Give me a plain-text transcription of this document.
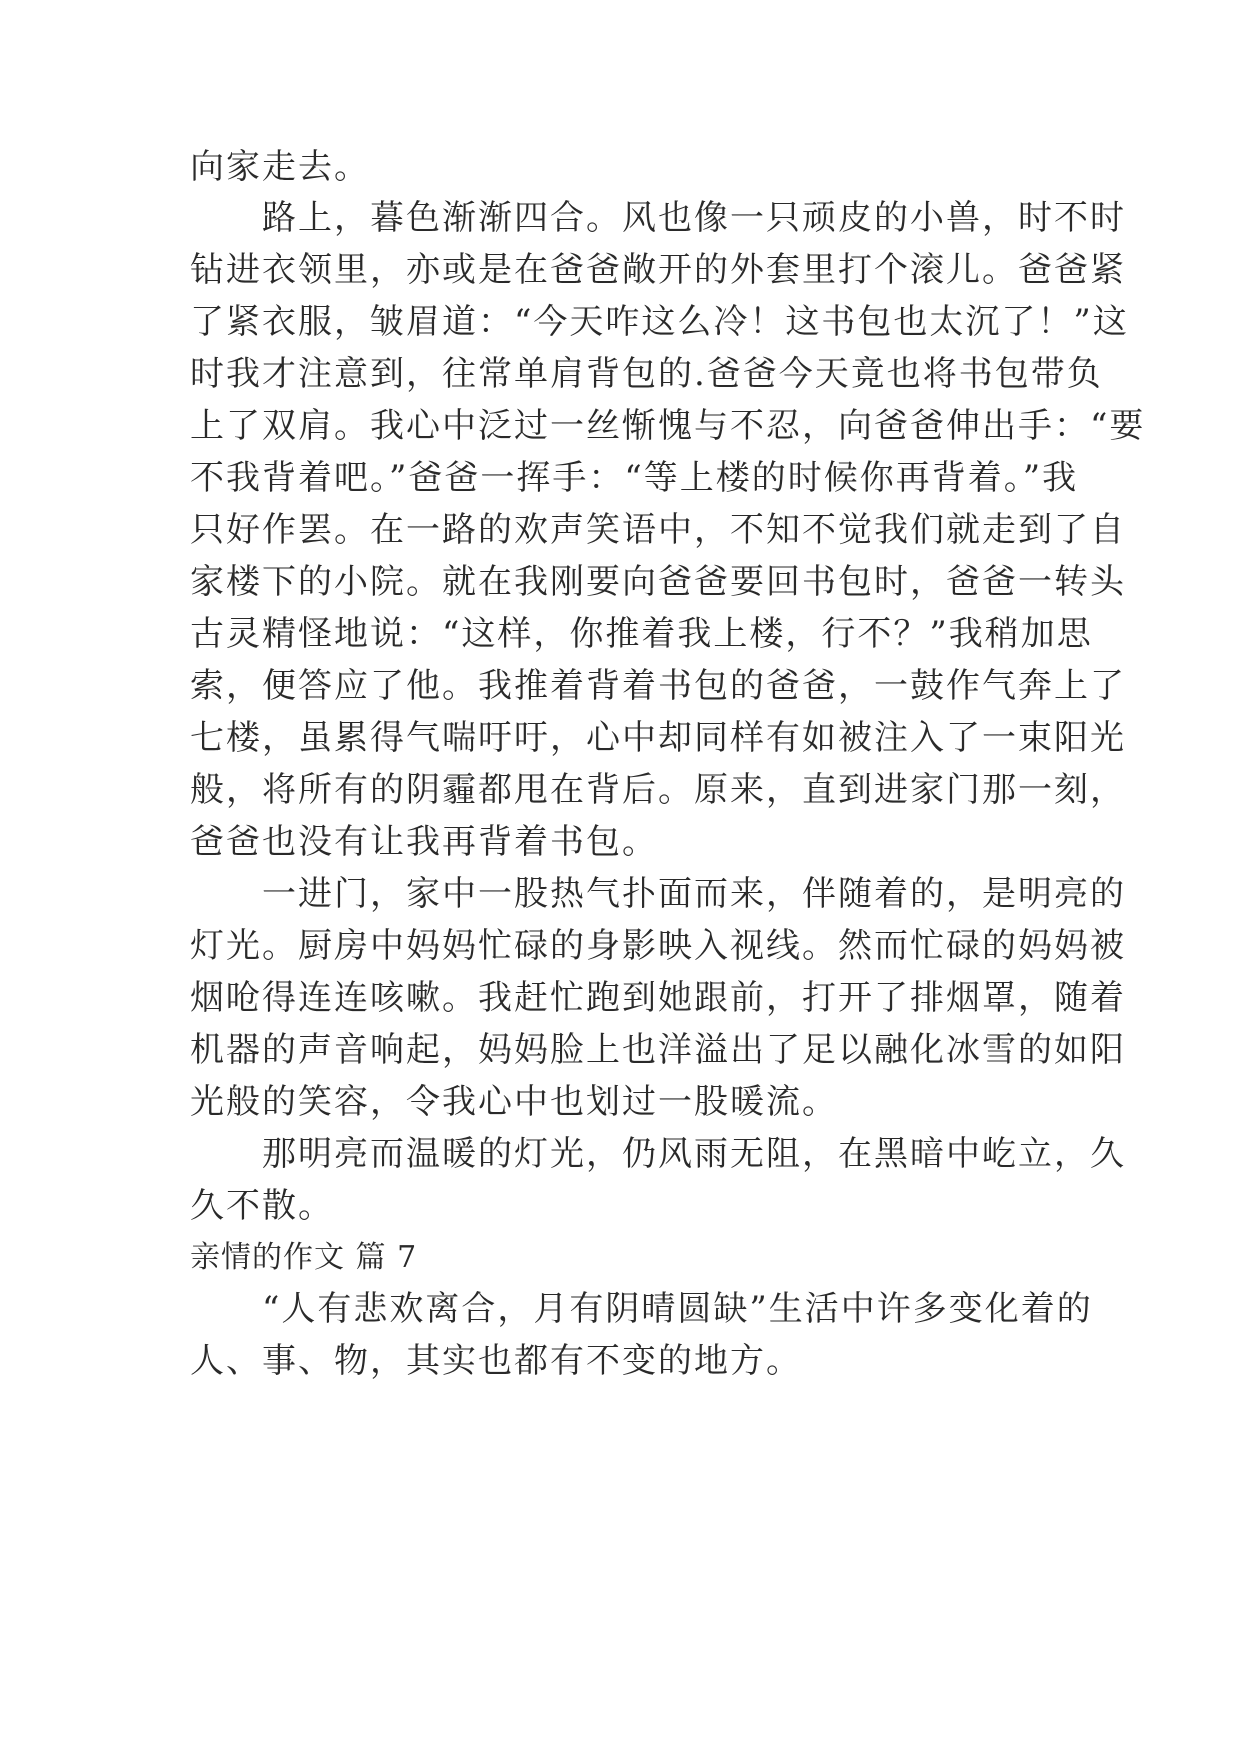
向家走去。
　　路上，暮色渐渐四合。风也像一只顽皮的小兽，时不时
钻进衣领里，亦或是在爸爸敞开的外套里打个滚儿。爸爸紧
了紧衣服，皱眉道：“今天咋这么冷！这书包也太沉了！”这
时我才注意到，往常单肩背包的.爸爸今天竟也将书包带负
上了双肩。我心中泛过一丝惭愧与不忍，向爸爸伸出手：“要
不我背着吧。”爸爸一挥手：“等上楼的时候你再背着。”我
只好作罢。在一路的欢声笑语中，不知不觉我们就走到了自
家楼下的小院。就在我刚要向爸爸要回书包时，爸爸一转头
古灵精怪地说：“这样，你推着我上楼，行不？”我稍加思
索，便答应了他。我推着背着书包的爸爸，一鼓作气奔上了
七楼，虽累得气喘吁吁，心中却同样有如被注入了一束阳光
般，将所有的阴霾都甩在背后。原来，直到进家门那一刻，
爸爸也没有让我再背着书包。
　　一进门，家中一股热气扑面而来，伴随着的，是明亮的
灯光。厨房中妈妈忙碌的身影映入视线。然而忙碌的妈妈被
烟呛得连连咳嗽。我赶忙跑到她跟前，打开了排烟罩，随着
机器的声音响起，妈妈脸上也洋溢出了足以融化冰雪的如阳
光般的笑容，令我心中也划过一股暖流。
　　那明亮而温暖的灯光，仍风雨无阻，在黑暗中屹立，久
久不散。
亲情的作文 篇 7
　　“人有悲欢离合，月有阴晴圆缺”生活中许多变化着的
人、事、物，其实也都有不变的地方。
